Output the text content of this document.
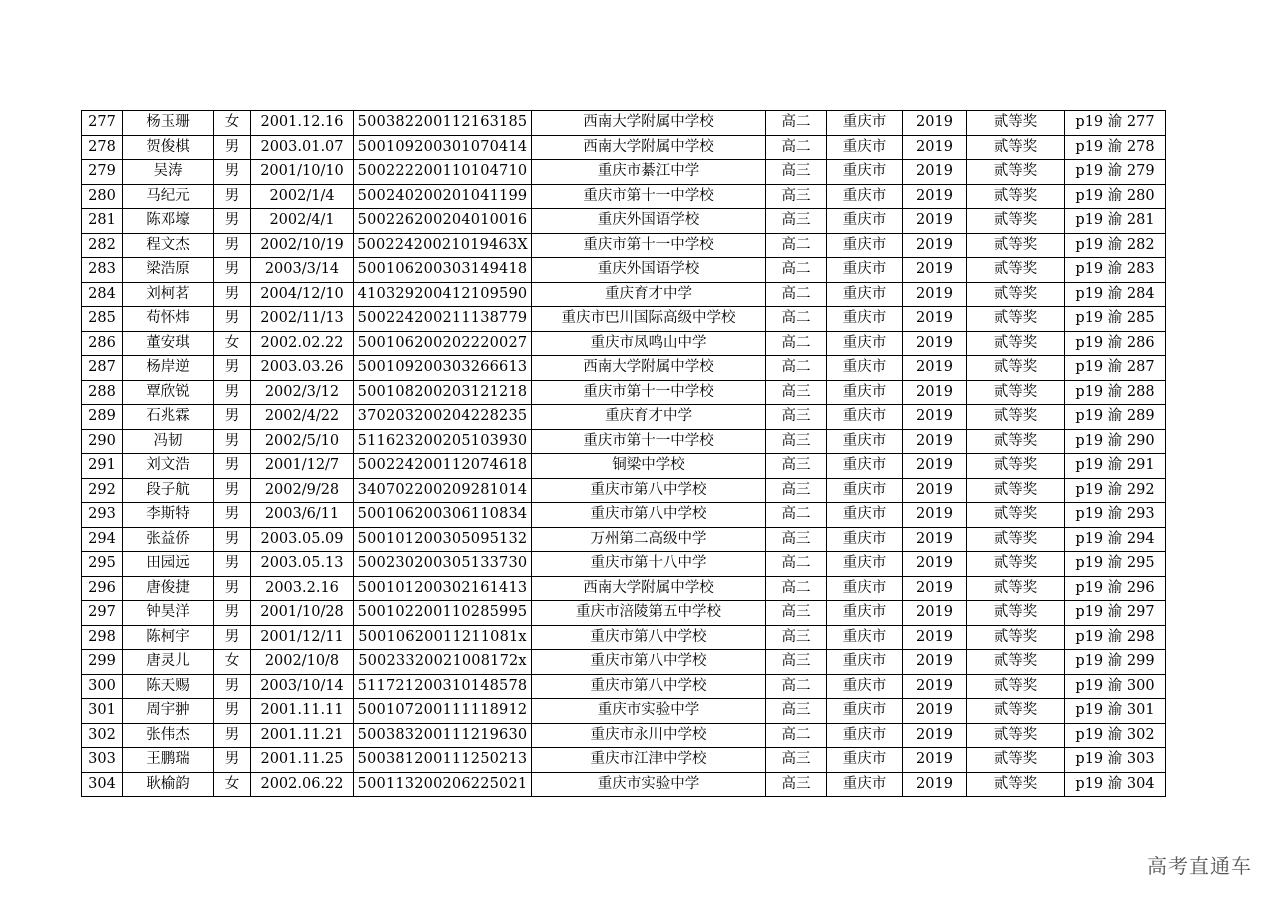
277	杨玉珊	女	2001.12.16	500382200112163185	西南大学附属中学校	高二	重庆市	2019	贰等奖	p19 渝 277
278	贺俊棋	男	2003.01.07	500109200301070414	西南大学附属中学校	高二	重庆市	2019	贰等奖	p19 渝 278
279	吴涛	男	2001/10/10	500222200110104710	重庆市綦江中学	高三	重庆市	2019	贰等奖	p19 渝 279
280	马纪元	男	2002/1/4	500240200201041199	重庆市第十一中学校	高三	重庆市	2019	贰等奖	p19 渝 280
281	陈邓壕	男	2002/4/1	500226200204010016	重庆外国语学校	高三	重庆市	2019	贰等奖	p19 渝 281
282	程文杰	男	2002/10/19	50022420021019463X	重庆市第十一中学校	高二	重庆市	2019	贰等奖	p19 渝 282
283	梁浩原	男	2003/3/14	500106200303149418	重庆外国语学校	高二	重庆市	2019	贰等奖	p19 渝 283
284	刘柯茗	男	2004/12/10	410329200412109590	重庆育才中学	高二	重庆市	2019	贰等奖	p19 渝 284
285	苟怀炜	男	2002/11/13	500224200211138779	重庆市巴川国际高级中学校	高二	重庆市	2019	贰等奖	p19 渝 285
286	董安琪	女	2002.02.22	500106200202220027	重庆市凤鸣山中学	高二	重庆市	2019	贰等奖	p19 渝 286
287	杨岸逆	男	2003.03.26	500109200303266613	西南大学附属中学校	高二	重庆市	2019	贰等奖	p19 渝 287
288	覃欣锐	男	2002/3/12	500108200203121218	重庆市第十一中学校	高三	重庆市	2019	贰等奖	p19 渝 288
289	石兆霖	男	2002/4/22	370203200204228235	重庆育才中学	高三	重庆市	2019	贰等奖	p19 渝 289
290	冯韧	男	2002/5/10	511623200205103930	重庆市第十一中学校	高三	重庆市	2019	贰等奖	p19 渝 290
291	刘文浩	男	2001/12/7	500224200112074618	铜梁中学校	高三	重庆市	2019	贰等奖	p19 渝 291
292	段子航	男	2002/9/28	340702200209281014	重庆市第八中学校	高三	重庆市	2019	贰等奖	p19 渝 292
293	李斯特	男	2003/6/11	500106200306110834	重庆市第八中学校	高二	重庆市	2019	贰等奖	p19 渝 293
294	张益侨	男	2003.05.09	500101200305095132	万州第二高级中学	高三	重庆市	2019	贰等奖	p19 渝 294
295	田园远	男	2003.05.13	500230200305133730	重庆市第十八中学	高二	重庆市	2019	贰等奖	p19 渝 295
296	唐俊捷	男	2003.2.16	500101200302161413	西南大学附属中学校	高二	重庆市	2019	贰等奖	p19 渝 296
297	钟昊洋	男	2001/10/28	500102200110285995	重庆市涪陵第五中学校	高三	重庆市	2019	贰等奖	p19 渝 297
298	陈柯宇	男	2001/12/11	50010620011211081x	重庆市第八中学校	高三	重庆市	2019	贰等奖	p19 渝 298
299	唐灵儿	女	2002/10/8	50023320021008172x	重庆市第八中学校	高三	重庆市	2019	贰等奖	p19 渝 299
300	陈天赐	男	2003/10/14	511721200310148578	重庆市第八中学校	高二	重庆市	2019	贰等奖	p19 渝 300
301	周宇翀	男	2001.11.11	500107200111118912	重庆市实验中学	高三	重庆市	2019	贰等奖	p19 渝 301
302	张伟杰	男	2001.11.21	500383200111219630	重庆市永川中学校	高二	重庆市	2019	贰等奖	p19 渝 302
303	王鹏瑞	男	2001.11.25	500381200111250213	重庆市江津中学校	高三	重庆市	2019	贰等奖	p19 渝 303
304	耿榆韵	女	2002.06.22	500113200206225021	重庆市实验中学	高三	重庆市	2019	贰等奖	p19 渝 304
高考直通车
